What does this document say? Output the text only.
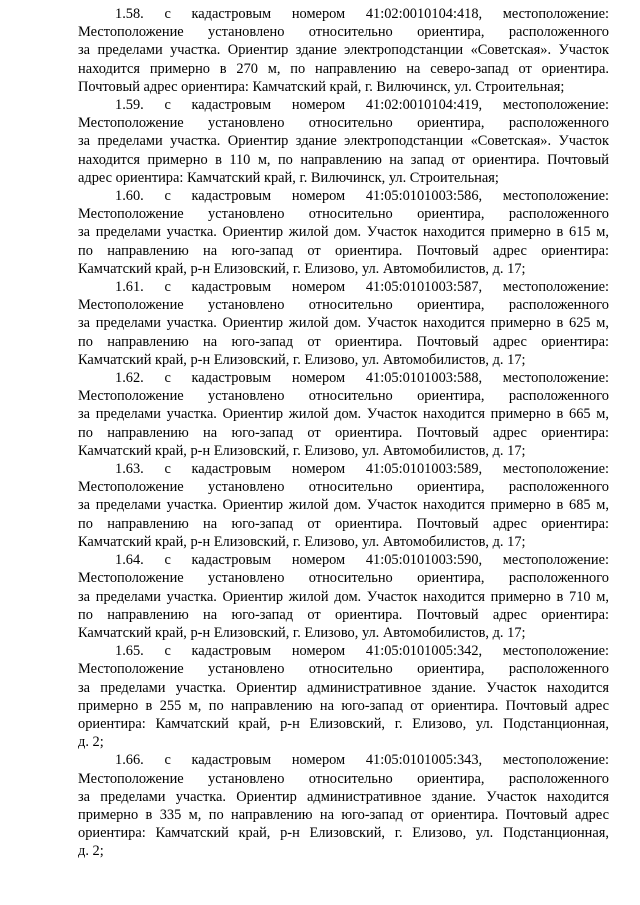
1.58. с кадастровым номером 41:02:0010104:418, местоположение:
Местоположение установлено относительно ориентира, расположенного
за пределами участка. Ориентир здание электроподстанции «Советская». Участок
находится примерно в 270 м, по направлению на северо-запад от ориентира.
Почтовый адрес ориентира: Камчатский край, г. Вилючинск, ул. Строительная;
1.59. с кадастровым номером 41:02:0010104:419, местоположение:
Местоположение установлено относительно ориентира, расположенного
за пределами участка. Ориентир здание электроподстанции «Советская». Участок
находится примерно в 110 м, по направлению на запад от ориентира. Почтовый
адрес ориентира: Камчатский край, г. Вилючинск, ул. Строительная;
1.60. с кадастровым номером 41:05:0101003:586, местоположение:
Местоположение установлено относительно ориентира, расположенного
за пределами участка. Ориентир жилой дом. Участок находится примерно в 615 м,
по направлению на юго-запад от ориентира. Почтовый адрес ориентира:
Камчатский край, р-н Елизовский, г. Елизово, ул. Автомобилистов, д. 17;
1.61. с кадастровым номером 41:05:0101003:587, местоположение:
Местоположение установлено относительно ориентира, расположенного
за пределами участка. Ориентир жилой дом. Участок находится примерно в 625 м,
по направлению на юго-запад от ориентира. Почтовый адрес ориентира:
Камчатский край, р-н Елизовский, г. Елизово, ул. Автомобилистов, д. 17;
1.62. с кадастровым номером 41:05:0101003:588, местоположение:
Местоположение установлено относительно ориентира, расположенного
за пределами участка. Ориентир жилой дом. Участок находится примерно в 665 м,
по направлению на юго-запад от ориентира. Почтовый адрес ориентира:
Камчатский край, р-н Елизовский, г. Елизово, ул. Автомобилистов, д. 17;
1.63. с кадастровым номером 41:05:0101003:589, местоположение:
Местоположение установлено относительно ориентира, расположенного
за пределами участка. Ориентир жилой дом. Участок находится примерно в 685 м,
по направлению на юго-запад от ориентира. Почтовый адрес ориентира:
Камчатский край, р-н Елизовский, г. Елизово, ул. Автомобилистов, д. 17;
1.64. с кадастровым номером 41:05:0101003:590, местоположение:
Местоположение установлено относительно ориентира, расположенного
за пределами участка. Ориентир жилой дом. Участок находится примерно в 710 м,
по направлению на юго-запад от ориентира. Почтовый адрес ориентира:
Камчатский край, р-н Елизовский, г. Елизово, ул. Автомобилистов, д. 17;
1.65. с кадастровым номером 41:05:0101005:342, местоположение:
Местоположение установлено относительно ориентира, расположенного
за пределами участка. Ориентир административное здание. Участок находится
примерно в 255 м, по направлению на юго-запад от ориентира. Почтовый адрес
ориентира: Камчатский край, р-н Елизовский, г. Елизово, ул. Подстанционная,
д. 2;
1.66. с кадастровым номером 41:05:0101005:343, местоположение:
Местоположение установлено относительно ориентира, расположенного
за пределами участка. Ориентир административное здание. Участок находится
примерно в 335 м, по направлению на юго-запад от ориентира. Почтовый адрес
ориентира: Камчатский край, р-н Елизовский, г. Елизово, ул. Подстанционная,
д. 2;
